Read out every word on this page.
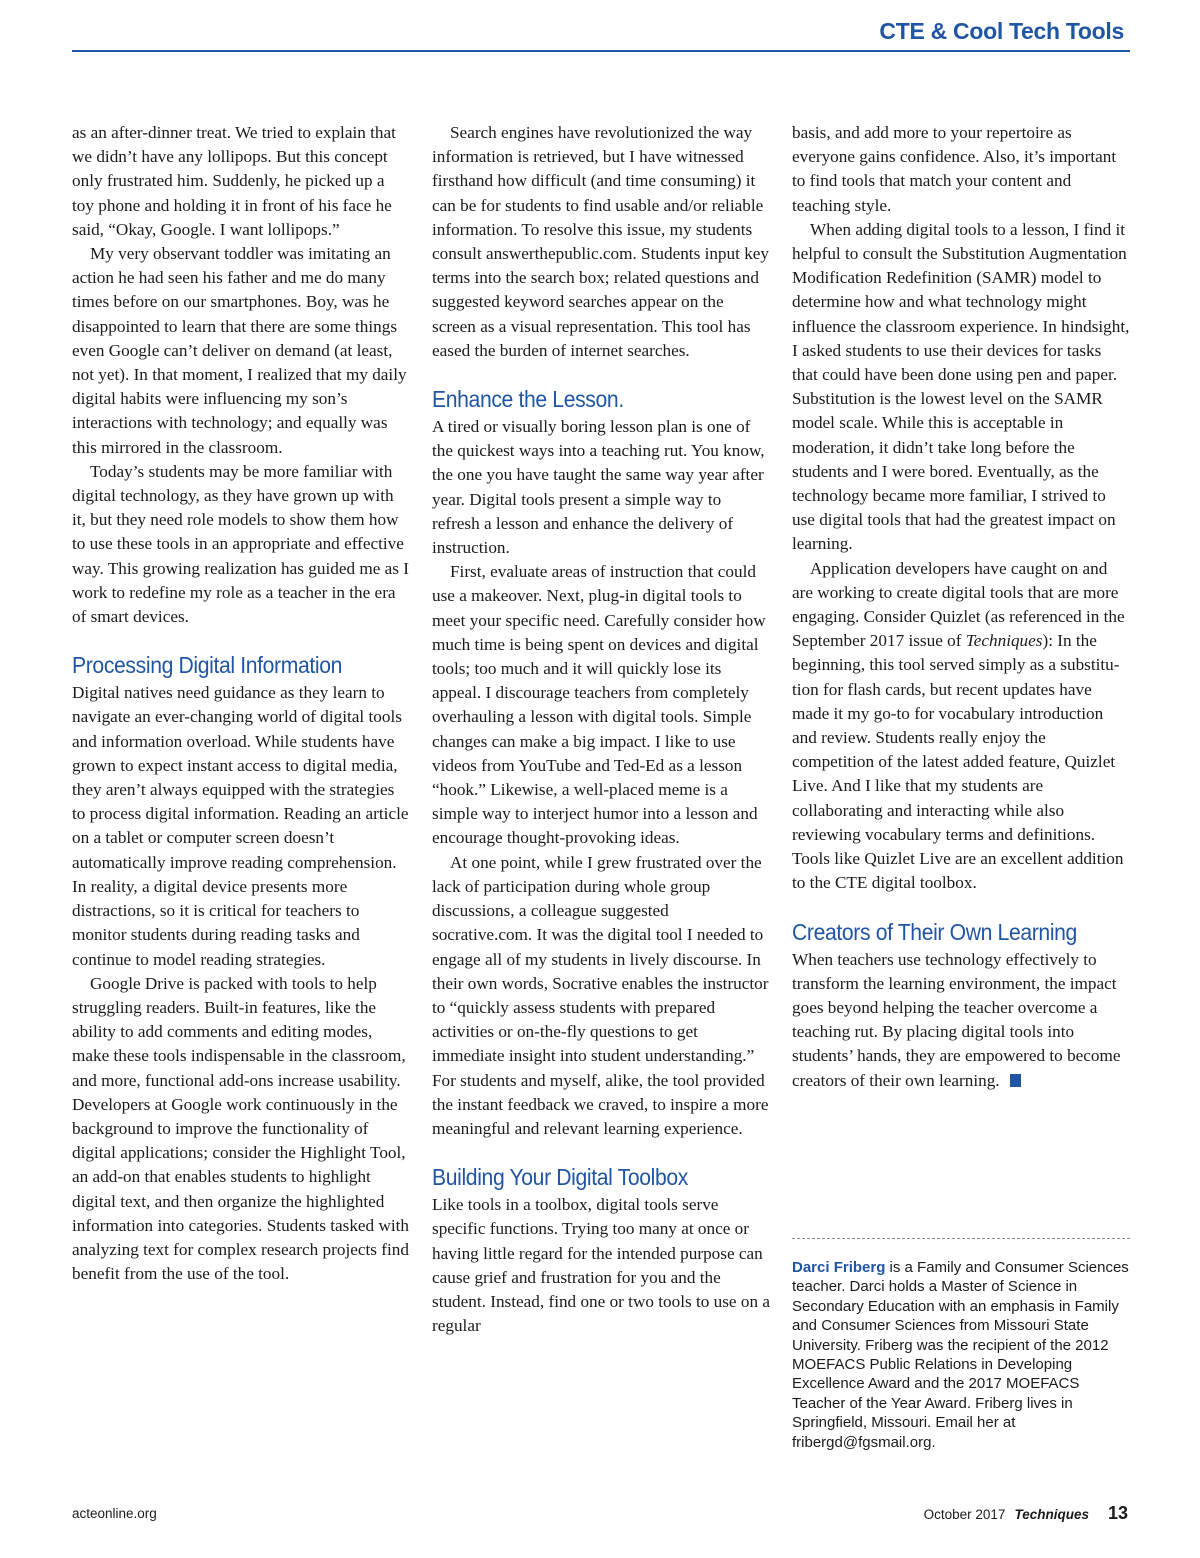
CTE & Cool Tech Tools

as an after-dinner treat. We tried to explain that we didn’t have any lollipops. But this concept only frustrated him. Suddenly, he picked up a toy phone and holding it in front of his face he said, “Okay, Google. I want lollipops.”

My very observant toddler was imitating an action he had seen his father and me do many times before on our smartphones. Boy, was he disappointed to learn that there are some things even Google can’t deliver on demand (at least, not yet). In that moment, I realized that my daily digital habits were influencing my son’s interactions with technology; and equally was this mirrored in the classroom.

Today’s students may be more familiar with digital technology, as they have grown up with it, but they need role models to show them how to use these tools in an appropriate and effective way. This growing realization has guided me as I work to redefine my role as a teacher in the era of smart devices.

Processing Digital Information

Digital natives need guidance as they learn to navigate an ever-changing world of digital tools and information overload. While students have grown to expect instant access to digital media, they aren’t always equipped with the strategies to process digital information. Reading an article on a tablet or computer screen doesn’t automatically improve reading comprehension. In reality, a digital device presents more distractions, so it is critical for teachers to monitor students during reading tasks and continue to model reading strategies.

Google Drive is packed with tools to help struggling readers. Built-in features, like the ability to add comments and editing modes, make these tools indispensable in the classroom, and more, functional add-ons increase usability. Developers at Google work continuously in the background to improve the functionality of digital applications; consider the Highlight Tool, an add-on that enables students to highlight digital text, and then organize the highlighted information into categories. Students tasked with analyzing text for complex research projects find benefit from the use of the tool.

Search engines have revolutionized the way information is retrieved, but I have witnessed firsthand how difficult (and time consuming) it can be for students to find usable and/or reliable information. To resolve this issue, my students consult answerthepublic.com. Students input key terms into the search box; related questions and suggested keyword searches appear on the screen as a visual representation. This tool has eased the burden of internet searches.

Enhance the Lesson.

A tired or visually boring lesson plan is one of the quickest ways into a teaching rut. You know, the one you have taught the same way year after year. Digital tools present a simple way to refresh a lesson and enhance the delivery of instruction.

First, evaluate areas of instruction that could use a makeover. Next, plug-in digital tools to meet your specific need. Carefully consider how much time is being spent on devices and digital tools; too much and it will quickly lose its appeal. I discourage teachers from completely overhauling a lesson with digital tools. Simple changes can make a big impact. I like to use videos from YouTube and Ted-Ed as a lesson “hook.” Likewise, a well-placed meme is a simple way to interject humor into a lesson and encourage thought-provoking ideas.

At one point, while I grew frustrated over the lack of participation during whole group discussions, a colleague suggested socrative.com. It was the digital tool I needed to engage all of my students in lively discourse. In their own words, Socrative enables the instructor to “quickly assess students with prepared activities or on-the-fly questions to get immediate insight into student understanding.” For students and myself, alike, the tool provided the instant feedback we craved, to inspire a more meaningful and relevant learning experience.

Building Your Digital Toolbox

Like tools in a toolbox, digital tools serve specific functions. Trying too many at once or having little regard for the intended purpose can cause grief and frustration for you and the student. Instead, find one or two tools to use on a regular

basis, and add more to your repertoire as everyone gains confidence. Also, it’s important to find tools that match your content and teaching style.

When adding digital tools to a lesson, I find it helpful to consult the Substitution Augmentation Modification Redefinition (SAMR) model to determine how and what technology might influence the classroom experience. In hindsight, I asked students to use their devices for tasks that could have been done using pen and paper. Substitution is the lowest level on the SAMR model scale. While this is acceptable in moderation, it didn’t take long before the students and I were bored. Eventually, as the technology became more familiar, I strived to use digital tools that had the greatest impact on learning.

Application developers have caught on and are working to create digital tools that are more engaging. Consider Quizlet (as referenced in the September 2017 issue of Techniques): In the beginning, this tool served simply as a substitution for flash cards, but recent updates have made it my go-to for vocabulary introduction and review. Students really enjoy the competition of the latest added feature, Quizlet Live. And I like that my students are collaborating and interacting while also reviewing vocabulary terms and definitions. Tools like Quizlet Live are an excellent addition to the CTE digital toolbox.

Creators of Their Own Learning

When teachers use technology effectively to transform the learning environment, the impact goes beyond helping the teacher overcome a teaching rut. By placing digital tools into students’ hands, they are empowered to become creators of their own learning.

Darci Friberg is a Family and Consumer Sciences teacher. Darci holds a Master of Science in Secondary Education with an emphasis in Family and Consumer Sciences from Missouri State University. Friberg was the recipient of the 2012 MOEFACS Public Relations in Developing Excellence Award and the 2017 MOEFACS Teacher of the Year Award. Friberg lives in Springfield, Missouri. Email her at fribergd@fgsmail.org.
acteonline.org	October 2017 Techniques 13
